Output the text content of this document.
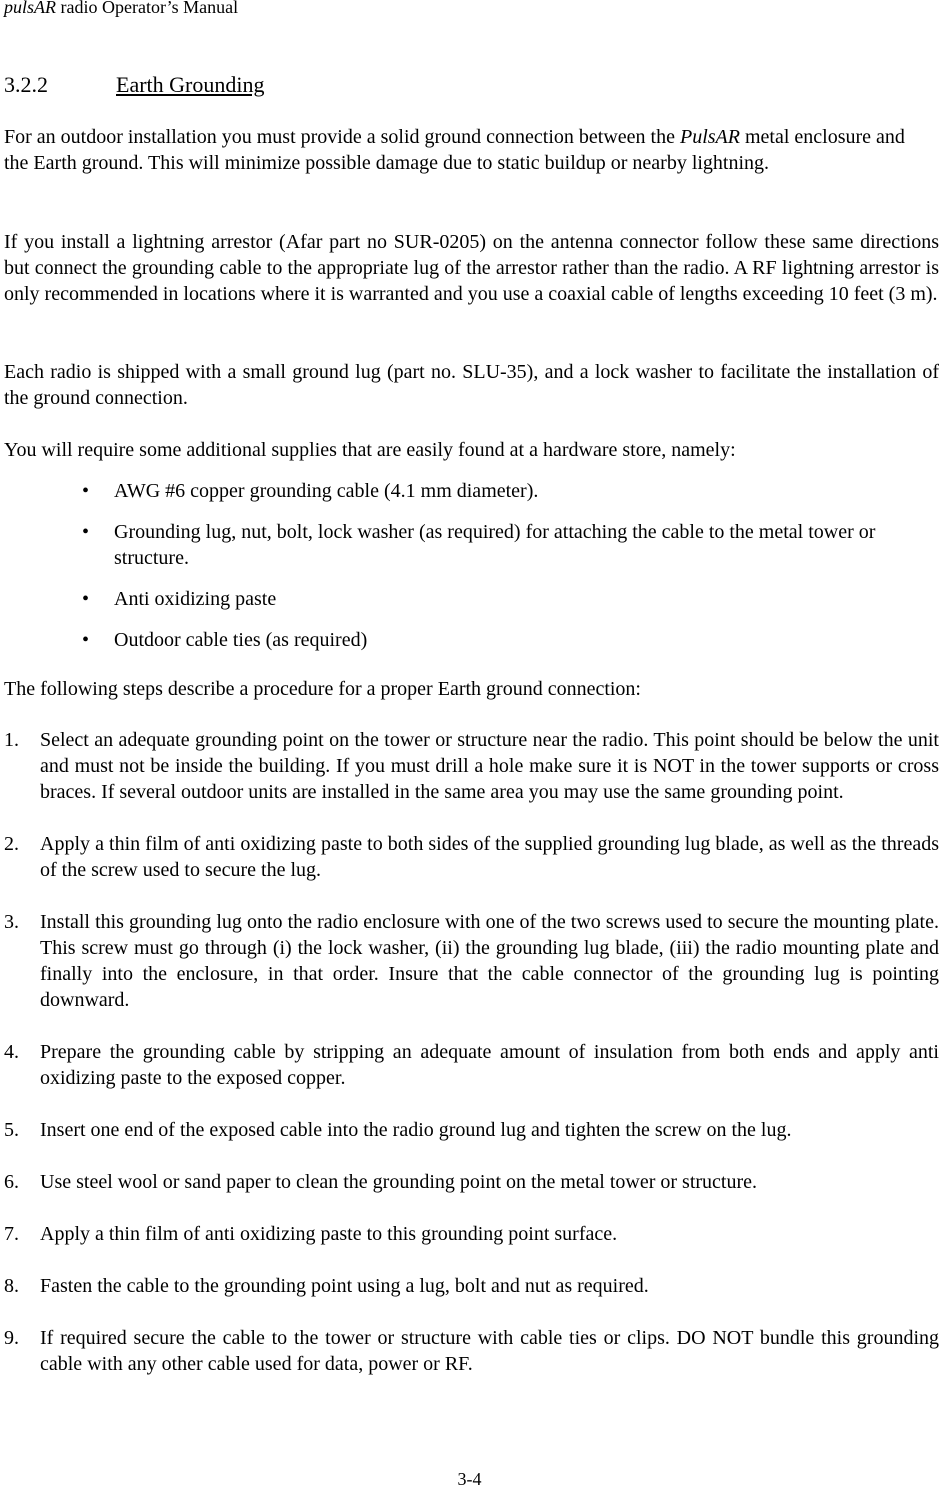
pulsAR radio Operator’s Manual
3.2.2	Earth Grounding
For an outdoor installation you must provide a solid ground connection between the PulsAR metal enclosure and the Earth ground. This will minimize possible damage due to static buildup or nearby lightning.
If you install a lightning arrestor (Afar part no SUR-0205) on the antenna connector follow these same directions but connect the grounding cable to the appropriate lug of the arrestor rather than the radio. A RF lightning arrestor is only recommended in locations where it is warranted and you use a coaxial cable of lengths exceeding 10 feet (3 m).
Each radio is shipped with a small ground lug (part no. SLU-35), and a lock washer to facilitate the installation of the ground connection.
You will require some additional supplies that are easily found at a hardware store, namely:
• AWG #6 copper grounding cable (4.1 mm diameter).
• Grounding lug, nut, bolt, lock washer (as required) for attaching the cable to the metal tower or structure.
• Anti oxidizing paste
• Outdoor cable ties (as required)
The following steps describe a procedure for a proper Earth ground connection:
1. Select an adequate grounding point on the tower or structure near the radio. This point should be below the unit and must not be inside the building. If you must drill a hole make sure it is NOT in the tower supports or cross braces. If several outdoor units are installed in the same area you may use the same grounding point.
2. Apply a thin film of anti oxidizing paste to both sides of the supplied grounding lug blade, as well as the threads of the screw used to secure the lug.
3. Install this grounding lug onto the radio enclosure with one of the two screws used to secure the mounting plate. This screw must go through (i) the lock washer, (ii) the grounding lug blade, (iii) the radio mounting plate and finally into the enclosure, in that order. Insure that the cable connector of the grounding lug is pointing downward.
4. Prepare the grounding cable by stripping an adequate amount of insulation from both ends and apply anti oxidizing paste to the exposed copper.
5. Insert one end of the exposed cable into the radio ground lug and tighten the screw on the lug.
6. Use steel wool or sand paper to clean the grounding point on the metal tower or structure.
7. Apply a thin film of anti oxidizing paste to this grounding point surface.
8. Fasten the cable to the grounding point using a lug, bolt and nut as required.
9. If required secure the cable to the tower or structure with cable ties or clips. DO NOT bundle this grounding cable with any other cable used for data, power or RF.
3-4
